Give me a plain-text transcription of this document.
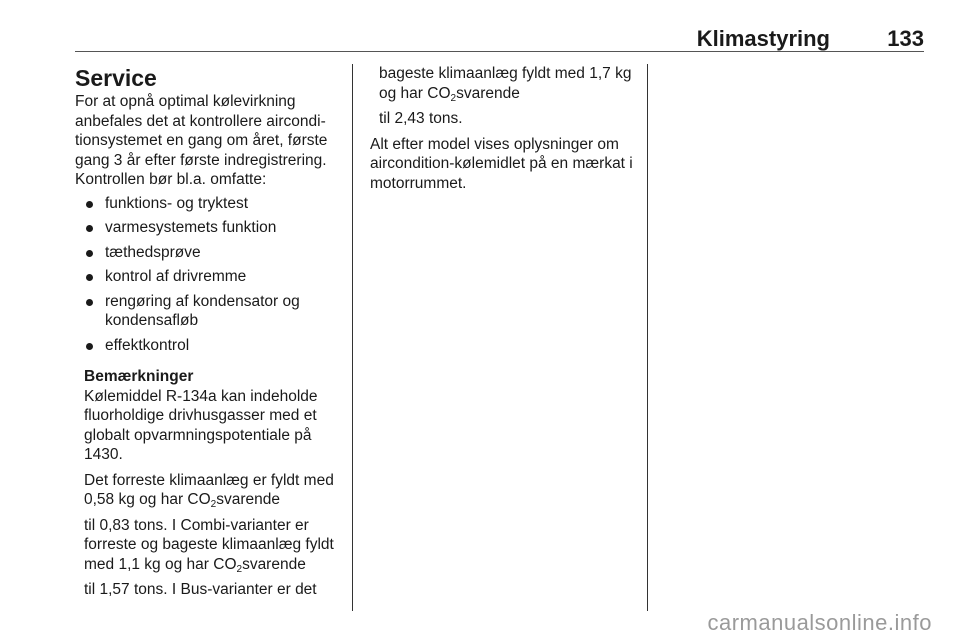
Klimastyring	133
Service

For at opnå optimal kølevirkning anbefales det at kontrollere aircondi-tionsystemet en gang om året, første gang 3 år efter første indregistrering. Kontrollen bør bl.a. omfatte:

funktions- og tryktest
varmesystemets funktion
tæthedsprøve
kontrol af drivremme
rengøring af kondensator og kondensafløb
effektkontrol
Bemærkninger

Kølemiddel R-134a kan indeholde fluorholdige drivhusgasser med et globalt opvarmningspotentiale på 1430.

Det forreste klimaanlæg er fyldt med 0,58 kg og har $CO_2svarende$

til 0,83 tons. I Combi-varianter er forreste og bageste klimaanlæg fyldt med 1,1 kg og har $CO_2svarende$

til 1,57 tons. I Bus-varianter er det

bageste klimaanlæg fyldt med 1,7 kg og har $CO_2svarende$

til 2,43 tons.

Alt efter model vises oplysninger om aircondition-kølemidlet på en mærkat i motorrummet.

carmanualsonline.info
